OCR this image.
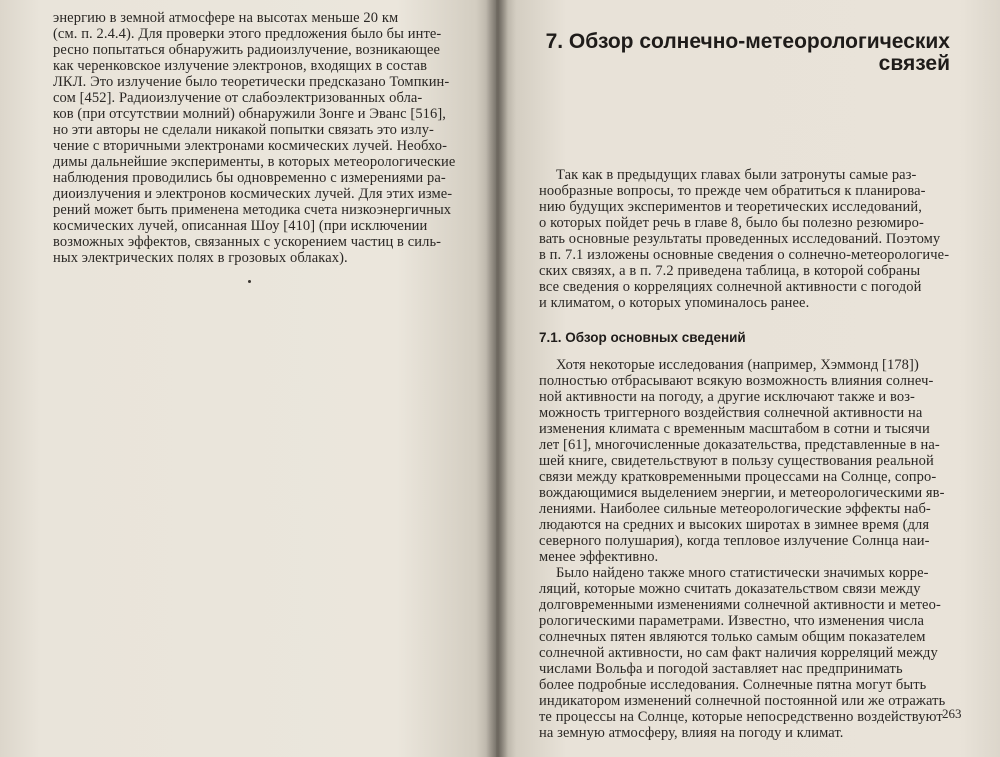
энергию в земной атмосфере на высотах меньше 20 км
(см. п. 2.4.4). Для проверки этого предложения было бы инте-
ресно попытаться обнаружить радиоизлучение, возникающее
как черенковское излучение электронов, входящих в состав
ЛКЛ. Это излучение было теоретически предсказано Томпкин-
сом [452]. Радиоизлучение от слабоэлектризованных обла-
ков (при отсутствии молний) обнаружили Зонге и Эванс [516],
но эти авторы не сделали никакой попытки связать это излу-
чение с вторичными электронами космических лучей. Необхо-
димы дальнейшие эксперименты, в которых метеорологические
наблюдения проводились бы одновременно с измерениями ра-
диоизлучения и электронов космических лучей. Для этих изме-
рений может быть применена методика счета низкоэнергичных
космических лучей, описанная Шоу [410] (при исключении
возможных эффектов, связанных с ускорением частиц в силь-
ных электрических полях в грозовых облаках).
7. Обзор солнечно-метеорологических
связей
Так как в предыдущих главах были затронуты самые раз-
нообразные вопросы, то прежде чем обратиться к планирова-
нию будущих экспериментов и теоретических исследований,
о которых пойдет речь в главе 8, было бы полезно резюмиро-
вать основные результаты проведенных исследований. Поэтому
в п. 7.1 изложены основные сведения о солнечно-метеорологиче-
ских связях, а в п. 7.2 приведена таблица, в которой собраны
все сведения о корреляциях солнечной активности с погодой
и климатом, о которых упоминалось ранее.
7.1. Обзор основных сведений
Хотя некоторые исследования (например, Хэммонд [178])
полностью отбрасывают всякую возможность влияния солнеч-
ной активности на погоду, а другие исключают также и воз-
можность триггерного воздействия солнечной активности на
изменения климата с временным масштабом в сотни и тысячи
лет [61], многочисленные доказательства, представленные в на-
шей книге, свидетельствуют в пользу существования реальной
связи между кратковременными процессами на Солнце, сопро-
вождающимися выделением энергии, и метеорологическими яв-
лениями. Наиболее сильные метеорологические эффекты наб-
людаются на средних и высоких широтах в зимнее время (для
северного полушария), когда тепловое излучение Солнца наи-
менее эффективно.
Было найдено также много статистически значимых корре-
ляций, которые можно считать доказательством связи между
долговременными изменениями солнечной активности и метео-
рологическими параметрами. Известно, что изменения числа
солнечных пятен являются только самым общим показателем
солнечной активности, но сам факт наличия корреляций между
числами Вольфа и погодой заставляет нас предпринимать
более подробные исследования. Солнечные пятна могут быть
индикатором изменений солнечной постоянной или же отражать
те процессы на Солнце, которые непосредственно воздействуют
на земную атмосферу, влияя на погоду и климат.
263
